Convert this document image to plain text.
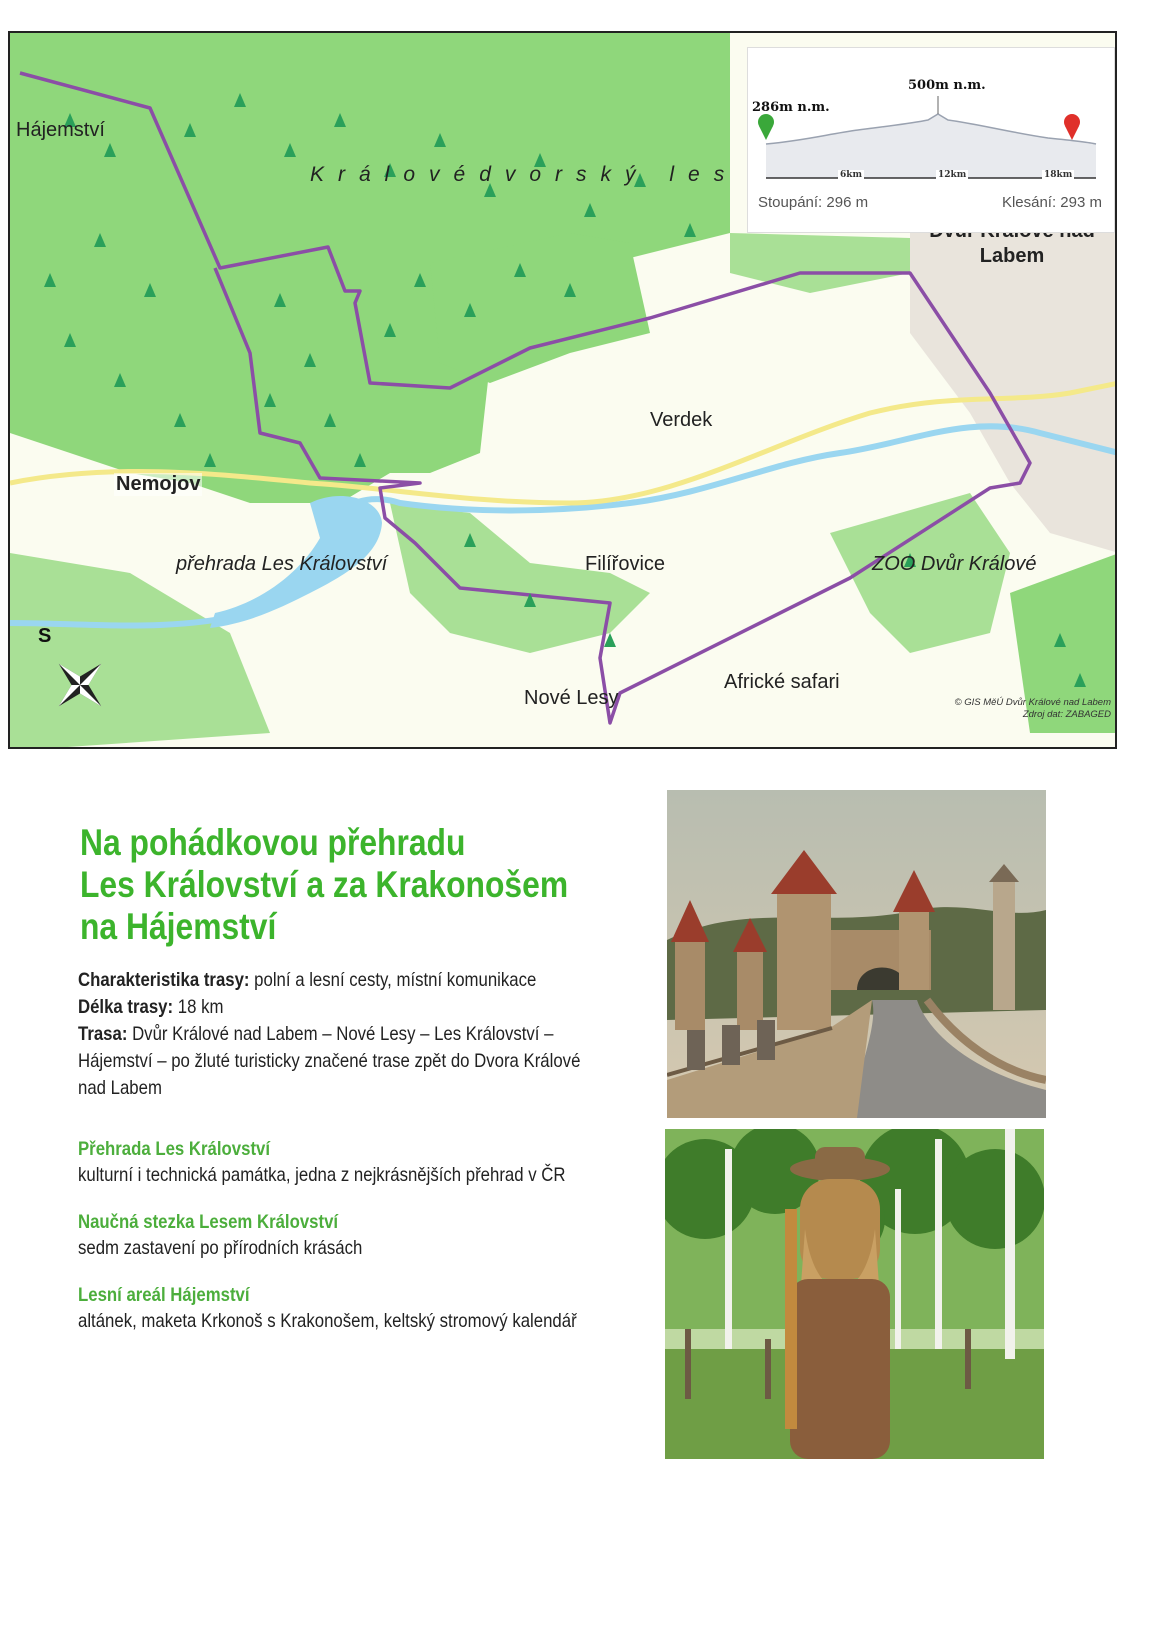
Hájemství
Královédvorský les
Labem
Nemojov
Verdek
přehrada Les Království	Filířovice	ZOO Dvůr Králové
Africké safari
Nové Lesy
S
© GIS MěÚ Dvůr Králové nad Labem
Zdroj dat: ZABAGED
286m n.m.
500m n.m.
6km	12km	18km
Stoupání: 296 m	Klesání: 293 m
Na pohádkovou přehradu
Les Království a za Krakonošem
na Hájemství
Charakteristika trasy: polní a lesní cesty, místní komunikace
Délka trasy: 18 km
Trasa: Dvůr Králové nad Labem – Nové Lesy – Les Království –
Hájemství – po žluté turisticky značené trase zpět do Dvora Králové
nad Labem
Přehrada Les Království
kulturní i technická památka, jedna z nejkrásnějších přehrad v ČR
Naučná stezka Lesem Království
sedm zastavení po přírodních krásách
Lesní areál Hájemství
altánek, maketa Krkonoš s Krakonošem, keltský stromový kalendář
